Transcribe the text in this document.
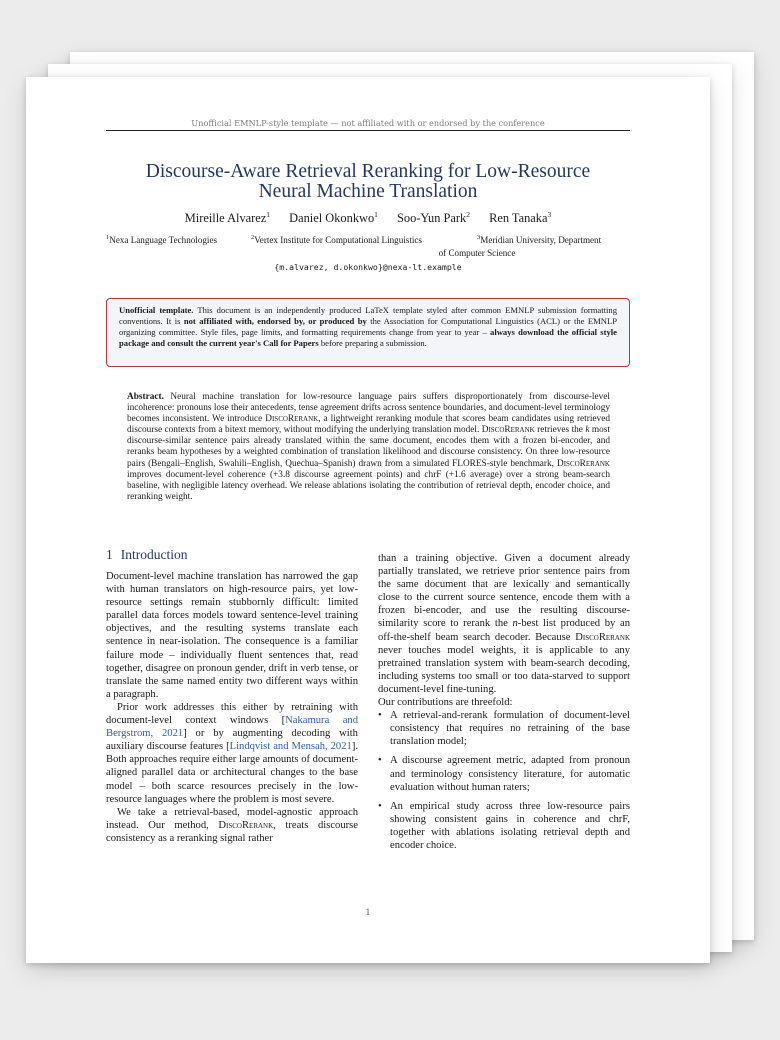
Unofficial EMNLP-style template — not affiliated with or endorsed by the conference
Discourse-Aware Retrieval Reranking for Low-Resource
Neural Machine Translation
Mireille Alvarez$^1$ Daniel Okonkwo$^1$ Soo-Yun Park$^2$ Ren Tanaka$^3$
$^1$Nexa Language Technologies	$^2$Vertex Institute for Computational Linguistics	$^3$Meridian University, Department
of Computer Science
{m.alvarez, d.okonkwo}@nexa-lt.example
Unofficial template. This document is an independently produced LaTeX template styled after common EMNLP submission formatting conventions. It is not affiliated with, endorsed by, or produced by the Association for Computational Linguistics (ACL) or the EMNLP organizing committee. Style files, page limits, and formatting requirements change from year to year – always download the official style package and consult the current year's Call for Papers before preparing a submission.
Abstract. Neural machine translation for low-resource language pairs suffers disproportionately from discourse-level incoherence: pronouns lose their antecedents, tense agreement drifts across sentence boundaries, and document-level terminology becomes inconsistent. We introduce DiscoRerank, a lightweight reranking module that scores beam candidates using retrieved discourse contexts from a bitext memory, without modifying the underlying translation model. DiscoRerank retrieves the k most discourse-similar sentence pairs already translated within the same document, encodes them with a frozen bi-encoder, and reranks beam hypotheses by a weighted combination of translation likelihood and discourse consistency. On three low-resource pairs (Bengali–English, Swahili–English, Quechua–Spanish) drawn from a simulated FLORES-style benchmark, DiscoRerank improves document-level coherence (+3.8 discourse agreement points) and chrF (+1.6 average) over a strong beam-search baseline, with negligible latency overhead. We release ablations isolating the contribution of retrieval depth, encoder choice, and reranking weight.
1 Introduction

Document-level machine translation has narrowed the gap with human translators on high-resource pairs, yet low-resource settings remain stubbornly difficult: limited parallel data forces models toward sentence-level training objectives, and the resulting systems translate each sentence in near-isolation. The consequence is a familiar failure mode – individually fluent sentences that, read together, disagree on pronoun gender, drift in verb tense, or translate the same named entity two different ways within a paragraph.

Prior work addresses this either by retraining with document-level context windows [Nakamura and Bergstrom, 2021] or by augmenting decoding with auxiliary discourse features [Lindqvist and Mensah, 2021]. Both approaches require either large amounts of document-aligned parallel data or architectural changes to the base model – both scarce resources precisely in the low-resource languages where the problem is most severe.

We take a retrieval-based, model-agnostic approach instead. Our method, DiscoRerank, treats discourse consistency as a reranking signal rather

than a training objective. Given a document already partially translated, we retrieve prior sentence pairs from the same document that are lexically and semantically close to the current source sentence, encode them with a frozen bi-encoder, and use the resulting discourse-similarity score to rerank the n-best list produced by an off-the-shelf beam search decoder. Because DiscoRerank never touches model weights, it is applicable to any pretrained translation system with beam-search decoding, including systems too small or too data-starved to support document-level fine-tuning.

Our contributions are threefold:

• A retrieval-and-rerank formulation of document-level consistency that requires no retraining of the base translation model;
• A discourse agreement metric, adapted from pronoun and terminology consistency literature, for automatic evaluation without human raters;
• An empirical study across three low-resource pairs showing consistent gains in coherence and chrF, together with ablations isolating retrieval depth and encoder choice.
1
